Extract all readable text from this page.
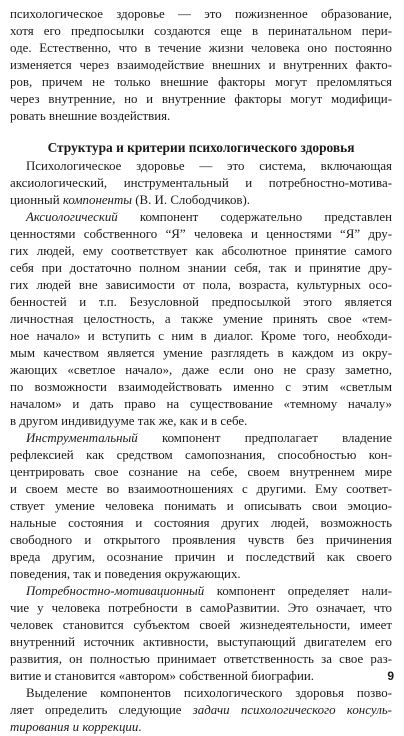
психологическое здоровье — это пожизненное образование,
хотя его предпосылки создаются еще в перинатальном пери-
оде. Естественно, что в течение жизни человека оно постоянно
изменяется через взаимодействие внешних и внутренних факто-
ров, причем не только внешние факторы могут преломляться
через внутренние, но и внутренние факторы могут модифици-
ровать внешние воздействия.
Структура и критерии психологического здоровья
Психологическое здоровье — это система, включающая
аксиологический, инструментальный и потребностно-мотива-
ционный компоненты (В. И. Слободчиков).
Аксиологический компонент содержательно представлен
ценностями собственного “Я” человека и ценностями “Я” дру-
гих людей, ему соответствует как абсолютное принятие самого
себя при достаточно полном знании себя, так и принятие дру-
гих людей вне зависимости от пола, возраста, культурных осо-
бенностей и т.п. Безусловной предпосылкой этого является
личностная целостность, а также умение принять свое «тем-
ное начало» и вступить с ним в диалог. Кроме того, необходи-
мым качеством является умение разглядеть в каждом из окру-
жающих «светлое начало», даже если оно не сразу заметно,
по возможности взаимодействовать именно с этим «светлым
началом» и дать право на существование «темному началу»
в другом индивидууме так же, как и в себе.
Инструментальный компонент предполагает владение
рефлексией как средством самопознания, способностью кон-
центрировать свое сознание на себе, своем внутреннем мире
и своем месте во взаимоотношениях с другими. Ему соответ-
ствует умение человека понимать и описывать свои эмоцио-
нальные состояния и состояния других людей, возможность
свободного и открытого проявления чувств без причинения
вреда другим, осознание причин и последствий как своего
поведения, так и поведения окружающих.
Потребностно-мотивационный компонент определяет нали-
чие у человека потребности в самоPазвитии. Это означает, что
человек становится субъектом своей жизнедеятельности, имеет
внутренний источник активности, выступающий двигателем его
развития, он полностью принимает ответственность за свое раз-
витие и становится «автором» собственной биографии.
Выделение компонентов психологического здоровья позво-
ляет определить следующие задачи психологического консуль-
тирования и коррекции.
9
